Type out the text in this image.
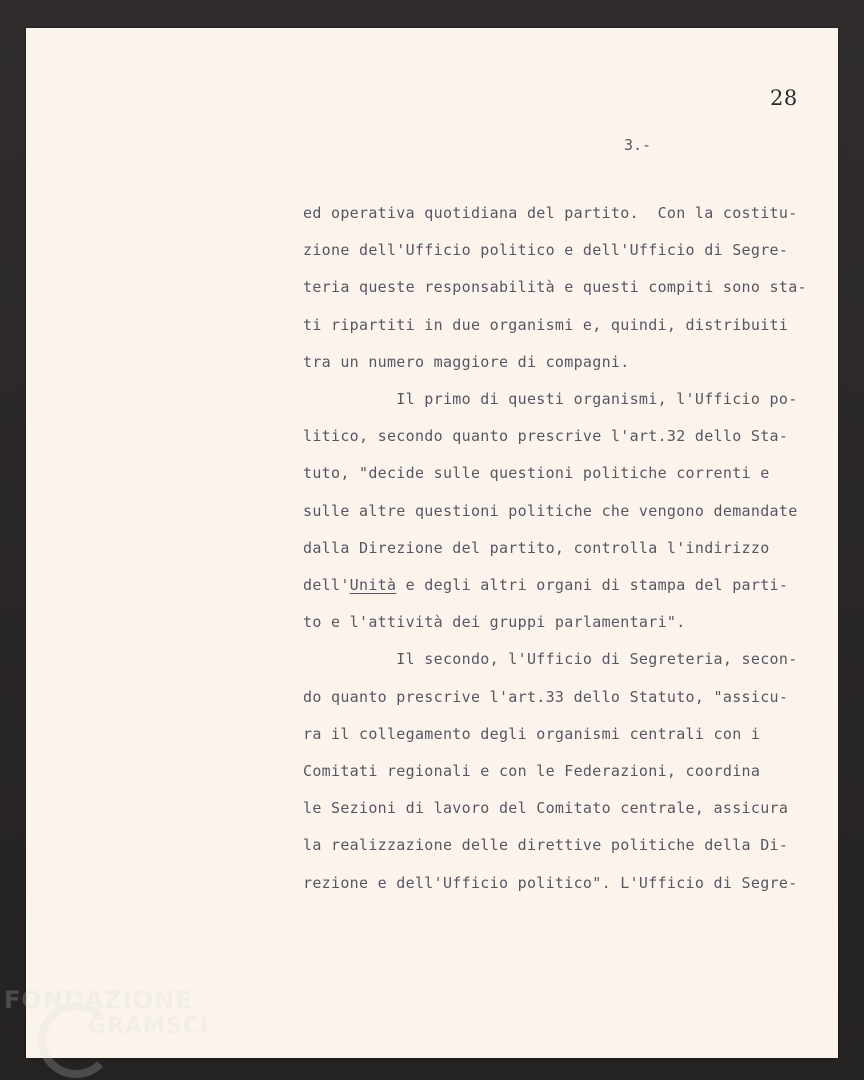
28
3.-
ed operativa quotidiana del partito.  Con la costitu-
zione dell'Ufficio politico e dell'Ufficio di Segre-
teria queste responsabilità e questi compiti sono sta-
ti ripartiti in due organismi e, quindi, distribuiti
tra un numero maggiore di compagni.
Il primo di questi organismi, l'Ufficio po-
litico, secondo quanto prescrive l'art.32 dello Sta-
tuto, "decide sulle questioni politiche correnti e
sulle altre questioni politiche che vengono demandate
dalla Direzione del partito, controlla l'indirizzo
dell'Unità e degli altri organi di stampa del parti-
to e l'attività dei gruppi parlamentari".
Il secondo, l'Ufficio di Segreteria, secon-
do quanto prescrive l'art.33 dello Statuto, "assicu-
ra il collegamento degli organismi centrali con i
Comitati regionali e con le Federazioni, coordina
le Sezioni di lavoro del Comitato centrale, assicura
la realizzazione delle direttive politiche della Di-
rezione e dell'Ufficio politico". L'Ufficio di Segre-
FONDAZIONE
GRAMSCI
